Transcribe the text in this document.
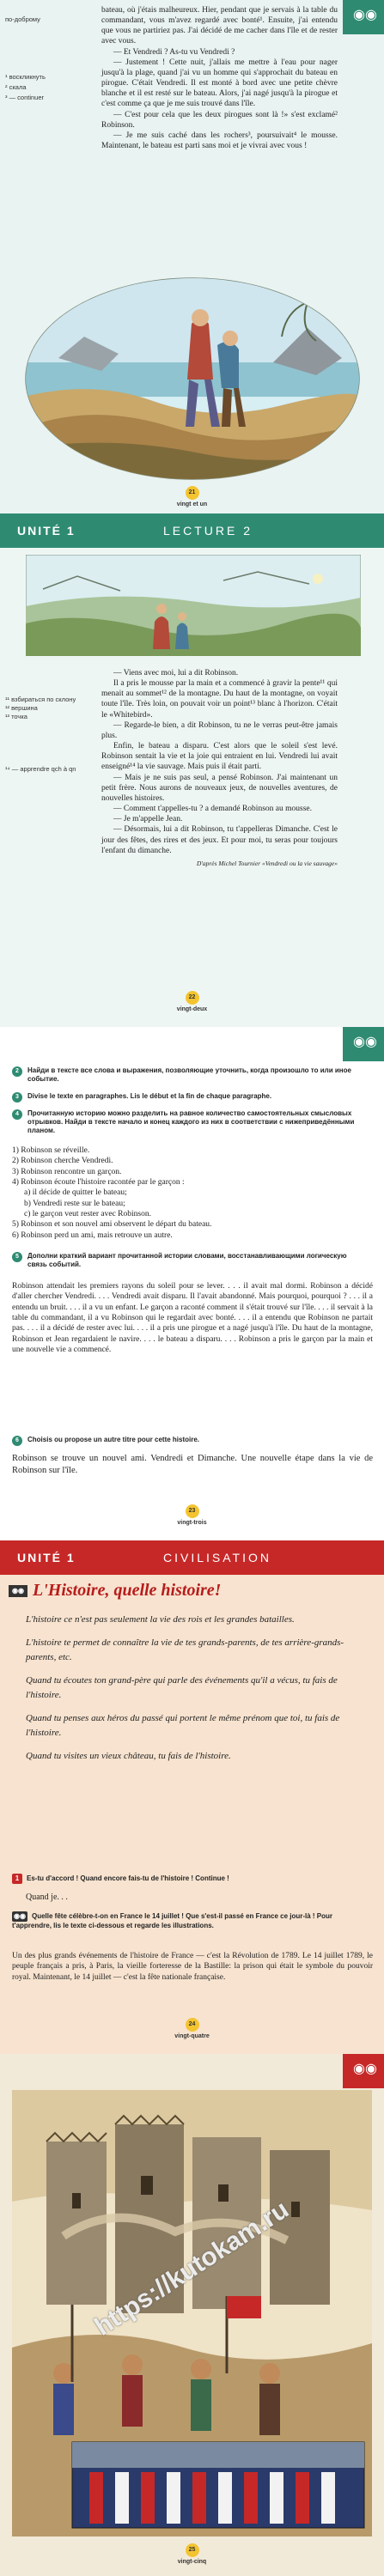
◉◉
по-доброму
¹ воскликнуть
² скала
³ — continuer

bateau, où j'étais malheureux. Hier, pendant que je servais à la table du commandant, vous m'avez regardé avec bonté¹. Ensuite, j'ai entendu que vous ne partiriez pas. J'ai décidé de me cacher dans l'île et de rester avec vous.

— Et Vendredi ? As-tu vu Vendredi ?

— Justement ! Cette nuit, j'allais me mettre à l'eau pour nager jusqu'à la plage, quand j'ai vu un homme qui s'approchait du bateau en pirogue. C'était Vendredi. Il est monté à bord avec une petite chèvre blanche et il est resté sur le bateau. Alors, j'ai nagé jusqu'à la pirogue et c'est comme ça que je me suis trouvé dans l'île.

— C'est pour cela que les deux pirogues sont là !» s'est exclamé² Robinson.

— Je me suis caché dans les rochers³, poursuivait⁴ le mousse. Maintenant, le bateau est parti sans moi et je vivrai avec vous !

21
vingt et un
UNITÉ 1	LECTURE 2
¹¹ взбираться по склону
¹² вершина
¹³ точка
¹⁴ — apprendre qch à qn

— Viens avec moi, lui a dit Robinson.

Il a pris le mousse par la main et a commencé à gravir la pente¹¹ qui menait au sommet¹² de la montagne. Du haut de la montagne, on voyait toute l'île. Très loin, on pouvait voir un point¹³ blanc à l'horizon. C'était le «Whitebird».

— Regarde-le bien, a dit Robinson, tu ne le verras peut-être jamais plus.

Enfin, le bateau a disparu. C'est alors que le soleil s'est levé. Robinson sentait la vie et la joie qui entraient en lui. Vendredi lui avait enseigné¹⁴ la vie sauvage. Mais puis il était parti.

— Mais je ne suis pas seul, a pensé Robinson. J'ai maintenant un petit frère. Nous aurons de nouveaux jeux, de nouvelles aventures, de nouvelles histoires.

— Comment t'appelles-tu ? a demandé Robinson au mousse.

— Je m'appelle Jean.

— Désormais, lui a dit Robinson, tu t'appelleras Dimanche. C'est le jour des fêtes, des rires et des jeux. Et pour moi, tu seras pour toujours l'enfant du dimanche.

D'après Michel Tournier «Vendredi ou la vie sauvage»

22
vingt-deux
◉◉
2 Найди в тексте все слова и выражения, позволяющие уточнить, когда произошло то или иное событие.
3 Divise le texte en paragraphes. Lis le début et la fin de chaque paragraphe.
4 Прочитанную историю можно разделить на равное количество самостоятельных смысловых отрывков. Найди в тексте начало и конец каждого из них в соответствии с нижеприведёнными планом.
1) Robinson se réveille.
2) Robinson cherche Vendredi.
3) Robinson rencontre un garçon.
4) Robinson écoute l'histoire racontée par le garçon :
a) il décide de quitter le bateau;
b) Vendredi reste sur le bateau;
c) le garçon veut rester avec Robinson.
5) Robinson et son nouvel ami observent le départ du bateau.
6) Robinson perd un ami, mais retrouve un autre.
5 Дополни краткий вариант прочитанной истории словами, восстанавливающими логическую связь событий.
Robinson attendait les premiers rayons du soleil pour se lever. . . . il avait mal dormi. Robinson a décidé d'aller chercher Vendredi. . . . Vendredi avait disparu. Il l'avait abandonné. Mais pourquoi, pourquoi ? . . . il a entendu un bruit. . . . il a vu un enfant. Le garçon a raconté comment il s'était trouvé sur l'île. . . . il servait à la table du commandant, il a vu Robinson qui le regardait avec bonté. . . . il a entendu que Robinson ne partait pas. . . . il a décidé de rester avec lui. . . . il a pris une pirogue et a nagé jusqu'à l'île. Du haut de la montagne, Robinson et Jean regardaient le navire. . . . le bateau a disparu. . . . Robinson a pris le garçon par la main et une nouvelle vie a commencé.
6 Choisis ou propose un autre titre pour cette histoire.
Robinson se trouve un nouvel ami. Vendredi et Dimanche. Une nouvelle étape dans la vie de Robinson sur l'île.
23
vingt-trois
UNITÉ 1	CIVILISATION
◉◉ L'Histoire, quelle histoire!

L'histoire ce n'est pas seulement la vie des rois et les grandes batailles.

L'histoire te permet de connaître la vie de tes grands-parents, de tes arrière-grands-parents, etc.

Quand tu écoutes ton grand-père qui parle des événements qu'il a vécus, tu fais de l'histoire.

Quand tu penses aux héros du passé qui portent le même prénom que toi, tu fais de l'histoire.

Quand tu visites un vieux château, tu fais de l'histoire.

1 Es-tu d'accord ! Quand encore fais-tu de l'histoire ! Continue !
Quand je. . .
◉◉ Quelle fête célèbre-t-on en France le 14 juillet ! Que s'est-il passé en France ce jour-là ! Pour t'apprendre, lis le texte ci-dessous et regarde les illustrations.
Un des plus grands événements de l'histoire de France — c'est la Révolution de 1789. Le 14 juillet 1789, le peuple français a pris, à Paris, la vieille forteresse de la Bastille: la prison qui était le symbole du pouvoir royal. Maintenant, le 14 juillet — c'est la fête nationale française.
24
vingt-quatre
◉◉
https://kutokam.ru
25
vingt-cinq
